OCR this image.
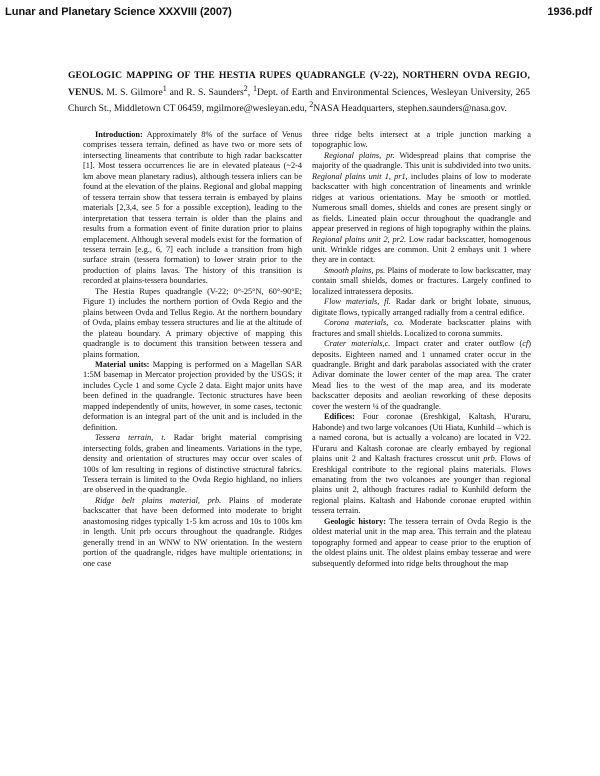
Lunar and Planetary Science XXXVIII (2007)	1936.pdf
GEOLOGIC MAPPING OF THE HESTIA RUPES QUADRANGLE (V-22), NORTHERN OVDA REGIO, VENUS. M. S. Gilmore$^1$ and R. S. Saunders$^2$, $^1$Dept. of Earth and Environmental Sciences, Wesleyan University, 265 Church St., Middletown CT 06459, mgilmore@wesleyan.edu, $^2$NASA Headquarters, stephen.saunders@nasa.gov.

Introduction: Approximately 8% of the surface of Venus comprises tessera terrain, defined as have two or more sets of intersecting lineaments that contribute to high radar backscatter [1]. Most tessera occurrences lie are in elevated plateaus (~2-4 km above mean planetary radius), although tessera inliers can be found at the elevation of the plains. Regional and global mapping of tessera terrain show that tessera terrain is embayed by plains materials [2,3,4, see 5 for a possible exception), leading to the interpretation that tessera terrain is older than the plains and results from a formation event of finite duration prior to plains emplacement. Although several models exist for the formation of tessera terrain [e.g., 6, 7] each include a transition from high surface strain (tessera formation) to lower strain prior to the production of plains lavas. The history of this transition is recorded at plains-tessera boundaries.

The Hestia Rupes quadrangle (V-22; 0°-25°N, 60°-90°E; Figure 1) includes the northern portion of Ovda Regio and the plains between Ovda and Tellus Regio. At the northern boundary of Ovda, plains embay tessera structures and lie at the altitude of the plateau boundary. A primary objective of mapping this quadrangle is to document this transition between tessera and plains formation.

Material units: Mapping is performed on a Magellan SAR 1:5M basemap in Mercator projection provided by the USGS; it includes Cycle 1 and some Cycle 2 data. Eight major units have been defined in the quadrangle. Tectonic structures have been mapped independently of units, however, in some cases, tectonic deformation is an integral part of the unit and is included in the definition.

Tessera terrain, t. Radar bright material comprising intersecting folds, graben and lineaments. Variations in the type, density and orientation of structures may occur over scales of 100s of km resulting in regions of distinctive structural fabrics. Tessera terrain is limited to the Ovda Regio highland, no inliers are observed in the quadrangle.

Ridge belt plains material, prb. Plains of moderate backscatter that have been deformed into moderate to bright anastomosing ridges typically 1-5 km across and 10s to 100s km in length. Unit prb occurs throughout the quadrangle. Ridges generally trend in an WNW to NW orientation. In the western portion of the quadrangle, ridges have multiple orientations; in one case

three ridge belts intersect at a triple junction marking a topographic low.

Regional plains, pr. Widespread plains that comprise the majority of the quadrangle. This unit is subdivided into two units. Regional plains unit 1, pr1, includes plains of low to moderate backscatter with high concentration of lineaments and wrinkle ridges at various orientations. May be smooth or mottled. Numerous small domes, shields and cones are present singly or as fields. Lineated plain occur throughout the quadrangle and appear preserved in regions of high topography within the plains. Regional plains unit 2, pr2. Low radar backscatter, homogenous unit. Wrinkle ridges are common. Unit 2 embays unit 1 where they are in contact.

Smooth plains, ps. Plains of moderate to low backscatter, may contain small shields, domes or fractures. Largely confined to localized intratessera deposits.

Flow materials, fl. Radar dark or bright lobate, sinuous, digitate flows, typically arranged radially from a central edifice.

Corona materials, co. Moderate backscatter plains with fractures and small shields. Localized to corona summits.

Crater materials,c. Impact crater and crater outflow (cf) deposits. Eighteen named and 1 unnamed crater occur in the quadrangle. Bright and dark parabolas associated with the crater Adivar dominate the lower center of the map area. The crater Mead lies to the west of the map area, and its moderate backscatter deposits and aeolian reworking of these deposits cover the western ¼ of the quadrangle.

Edifices: Four coronae (Ereshkigal, Kaltash, H'uraru, Habonde) and two large volcanoes (Uti Hiata, Kunhild – which is a named corona, but is actually a volcano) are located in V22. H'uraru and Kaltash coronae are clearly embayed by regional plains unit 2 and Kaltash fractures crosscut unit prb. Flows of Ereshkigal contribute to the regional plains materials. Flows emanating from the two volcanoes are younger than regional plains unit 2, although fractures radial to Kunhild deform the regional plains. Kaltash and Habonde coronae erupted within tessera terrain.

Geologic history: The tessera terrain of Ovda Regio is the oldest material unit in the map area. This terrain and the plateau topography formed and appear to cease prior to the eruption of the oldest plains unit. The oldest plains embay tesserae and were subsequently deformed into ridge belts throughout the map
